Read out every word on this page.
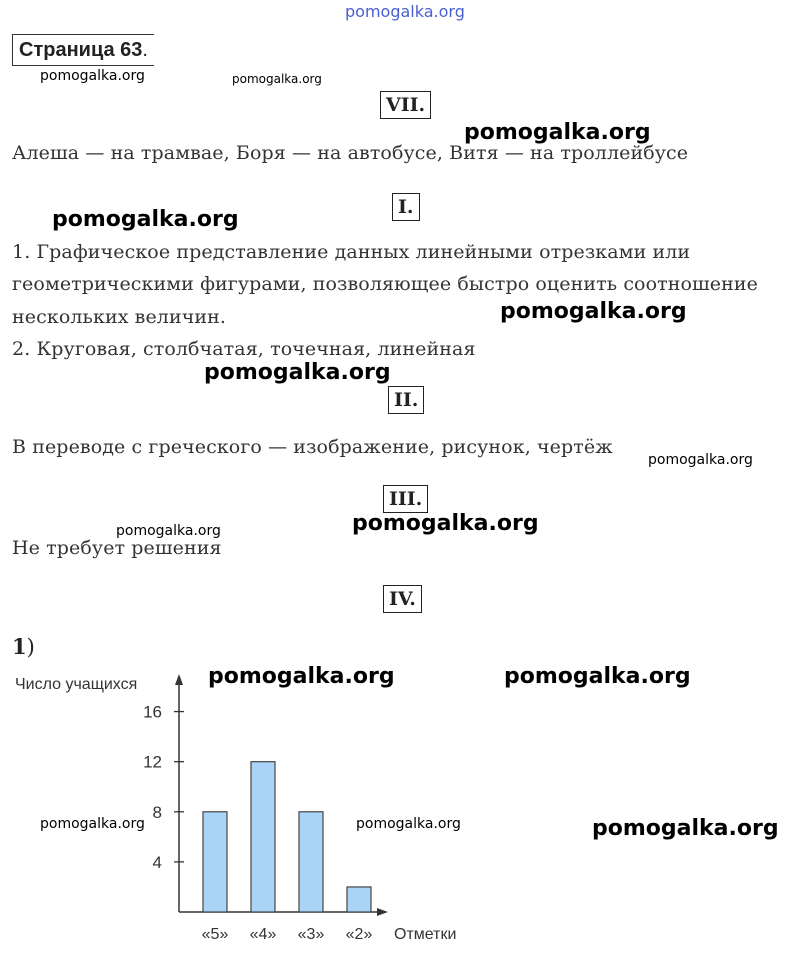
pomogalka.org
Страница 63.
pomogalka.org	pomogalka.org
VII.
pomogalka.org
Алеша — на трамвае, Боря — на автобусе, Витя — на троллейбусе
I.
pomogalka.org
1. Графическое представление данных линейными отрезками или
геометрическими фигурами, позволяющее быстро оценить соотношение
нескольких величин.	pomogalka.org
2. Круговая, столбчатая, точечная, линейная
pomogalka.org
II.
В переводе с греческого — изображение, рисунок, чертёж
pomogalka.org
III.
pomogalka.org
pomogalka.org
Не требует решения
IV.
1)
pomogalka.org	pomogalka.org
pomogalka.org
4
8
12
16
«5» «4» «3» «2»
Число учащихся
Отметки
pomogalka.org	pomogalka.org
